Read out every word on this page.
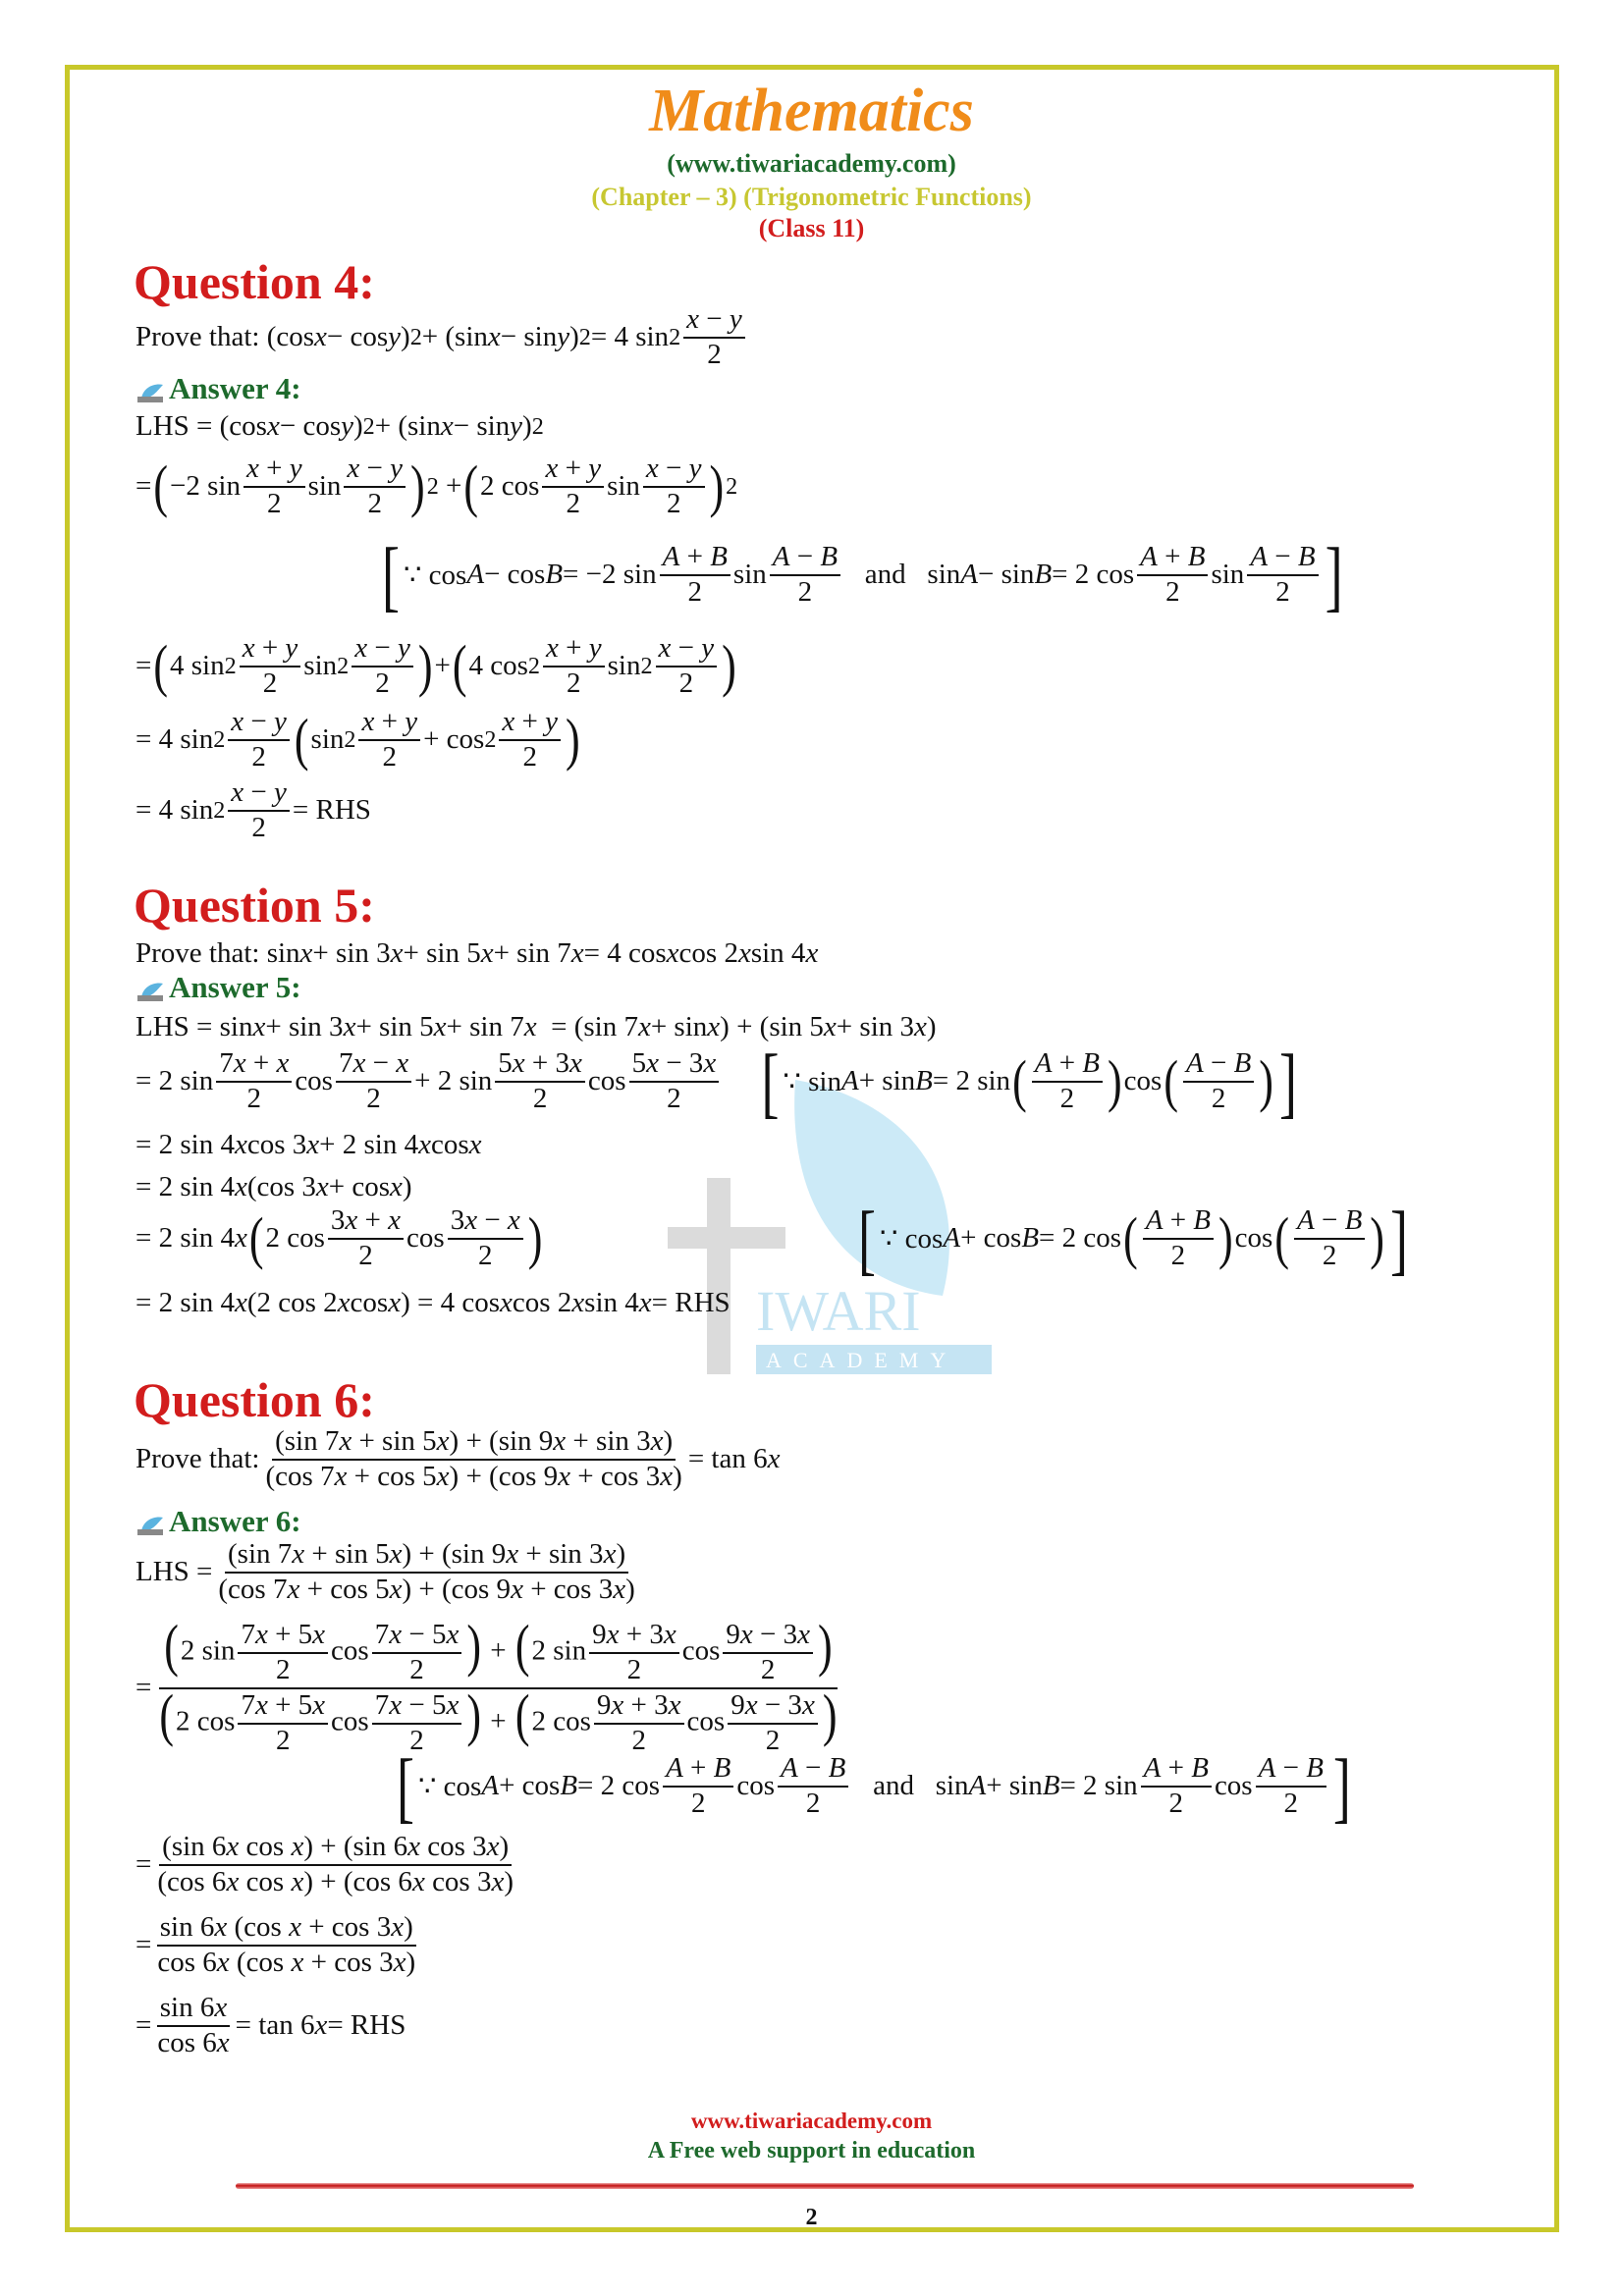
IWARI
ACADEMY
Mathematics
(www.tiwariacademy.com)
(Chapter – 3) (Trigonometric Functions)
(Class 11)
Question 4:
Prove that: (cos x − cos y ) 2 + (sin x − sin y ) 2 = 4 $\sin 2 \frac{x - y}{2}$
Answer 4:
LHS = (cos x − cos y ) 2 + (sin x − sin y ) 2
= ( −2 $\sin \frac{x + y}{2}$ $\sin \frac{x - y}{2}$ ) 2 + ( 2 $\cos \frac{x + y}{2}$ $\sin \frac{x - y}{2}$ ) 2
[ ∵ cos A − cos B = −2 $\sin \frac{A + B}{2}$ $\sin \frac{A - B}{2}$ and   sin A − sin B = 2 $\cos \frac{A + B}{2}$ $\sin \frac{A - B}{2}$ ]
= ( 4 $\sin 2 \frac{x + y}{2}$ $\sin 2 \frac{x - y}{2}$ ) + ( 4 $\cos 2 \frac{x + y}{2}$ $\sin 2 \frac{x - y}{2}$ )
= 4 $\sin 2 \frac{x - y}{2}$ ( $\sin 2 \frac{x + y}{2} + \cos 2 \frac{x + y}{2}$ )
= 4 $\sin 2 \frac{x - y}{2}$ = RHS
Question 5:
Prove that: sin x + sin 3 x + sin 5 x + sin 7 x = 4 cos x cos 2 x sin 4 x
Answer 5:
LHS = sin x + sin 3 x + sin 5 x + sin 7 x = (sin 7 x + sin x ) + (sin 5 x + sin 3 x )
= 2 $\sin \frac{7x + x}{2}$ $\cos \frac{7x - x}{2} + 2$ $\sin \frac{5x + 3x}{2}$ $\cos \frac{5x - 3x}{2}$
[ ∵ sin A + sin B = 2 sin ( $\frac{A + B}{2}$ ) cos ( $\frac{A - B}{2}$ ) ]
= 2 sin 4 x cos 3 x + 2 sin 4 x cos x
= 2 sin 4 x (cos 3 x + cos x )
= 2 sin 4 x ( 2 $\cos \frac{3x + x}{2}$ $\cos \frac{3x - x}{2}$ )	[ ∵ cos A + cos B = 2 cos ( $\frac{A + B}{2}$ ) cos ( $\frac{A - B}{2}$ ) ]
= 2 sin 4 x (2 cos 2 x cos x ) = 4 cos x cos 2 x sin 4 x = RHS
Question 6:
Prove that: $\frac{(\sin 7x + \sin 5x) + (\sin 9x + \sin 3x)}{(\cos 7x + \cos 5x) + (\cos 9x + \cos 3x)} = \tan 6$ x
Answer 6:
LHS = $\frac{(\sin 7x + \sin 5x) + (\sin 9x + \sin 3x)}{(\cos 7x + \cos 5x) + (\cos 9x + \cos 3x)}$
= $\frac{(2 \sin \frac{7x + 5x}{2} \cos \frac{7x - 5x}{2} ) + (2 \sin \frac{9x + 3x}{2} \cos \frac{9x - 3x}{2} )}{(2 \cos \frac{7x + 5x}{2} \cos \frac{7x - 5x}{2} ) + (2 \cos \frac{9x + 3x}{2} \cos \frac{9x - 3x}{2} )}$
[ ∵ cos A + cos B = 2 $\cos \frac{A + B}{2}$ $\cos \frac{A - B}{2}$ and   sin A + sin B = 2 $\sin \frac{A + B}{2}$ $\cos \frac{A - B}{2}$ ]
= $\frac{\text{(sin 6x cos x) + (sin 6x cos 3x)}}{\text{(cos 6x cos x) + (cos 6x cos 3x)}}$
= $\frac{\text{sin 6x (cos x + cos 3x)}}{\text{cos 6x (cos x + cos 3x)}}$
= $\frac{\sin 6x}{\cos 6x} = \tan 6$ x = RHS
www.tiwariacademy.com
A Free web support in education
2
